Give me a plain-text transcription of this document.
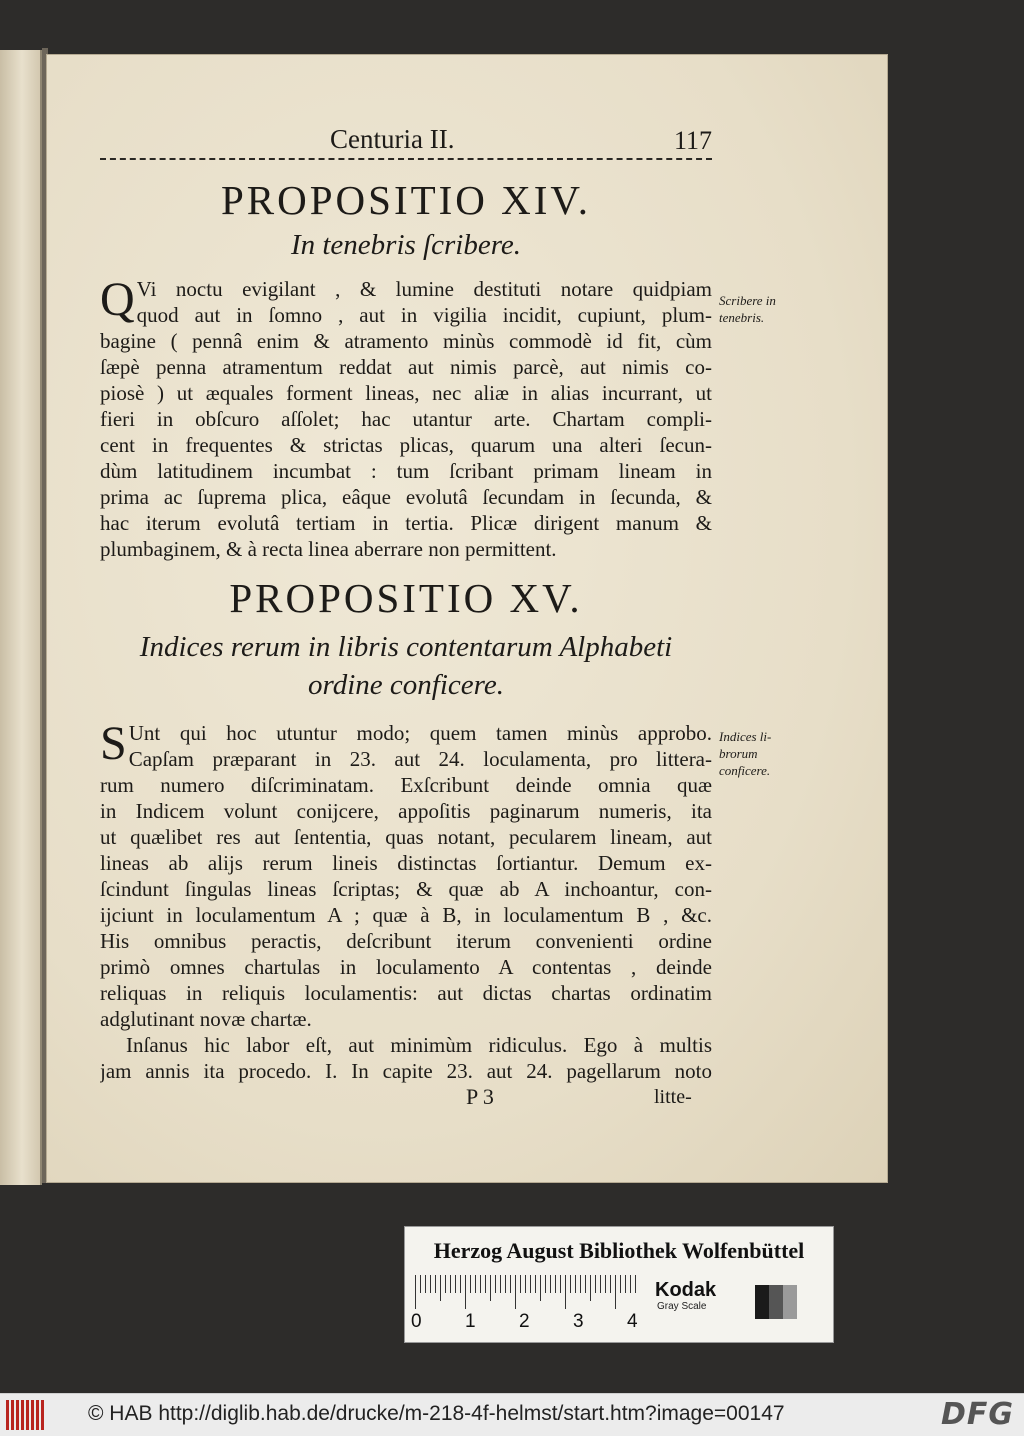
Centuria II.	117
PROPOSITIO XIV.
In tenebris ſcribere.
Q Vi noctu evigilant , & lumine destituti notare quidpiam
quod aut in ſomno , aut in vigilia incidit, cupiunt, plum-
bagine ( pennâ enim & atramento minùs commodè id fit, cùm
ſæpè penna atramentum reddat aut nimis parcè, aut nimis co-
piosè ) ut æquales forment lineas, nec aliæ in alias incurrant, ut
fieri in obſcuro aſſolet; hac utantur arte. Chartam compli-
cent in frequentes & strictas plicas, quarum una alteri ſecun-
dùm latitudinem incumbat : tum ſcribant primam lineam in
prima ac ſuprema plica, eâque evolutâ ſecundam in ſecunda, &
hac iterum evolutâ tertiam in tertia. Plicæ dirigent manum &
plumbaginem, & à recta linea aberrare non permittent.
Scribere in
tenebris.
PROPOSITIO XV.
Indices rerum in libris contentarum Alphabeti
ordine conficere.
S Unt qui hoc utuntur modo; quem tamen minùs approbo.
Capſam præparant in 23. aut 24. loculamenta, pro littera-
rum numero diſcriminatam. Exſcribunt deinde omnia quæ
in Indicem volunt conijcere, appoſitis paginarum numeris, ita
ut quælibet res aut ſententia, quas notant, pecularem lineam, aut
lineas ab alijs rerum lineis distinctas ſortiantur. Demum ex-
ſcindunt ſingulas lineas ſcriptas; & quæ ab A inchoantur, con-
ijciunt in loculamentum A ; quæ à B, in loculamentum B , &c.
His omnibus peractis, deſcribunt iterum convenienti ordine
primò omnes chartulas in loculamento A contentas , deinde
reliquas in reliquis loculamentis: aut dictas chartas ordinatim
adglutinant novæ chartæ.
Inſanus hic labor eſt, aut minimùm ridiculus. Ego à multis
jam annis ita procedo. I. In capite 23. aut 24. pagellarum noto
Indices li-
brorum
conficere.
P 3	litte-
Herzog August Bibliothek Wolfenbüttel
0 1 2 3 4
Kodak
Gray Scale
© HAB http://diglib.hab.de/drucke/m-218-4f-helmst/start.htm?image=00147	DFG
